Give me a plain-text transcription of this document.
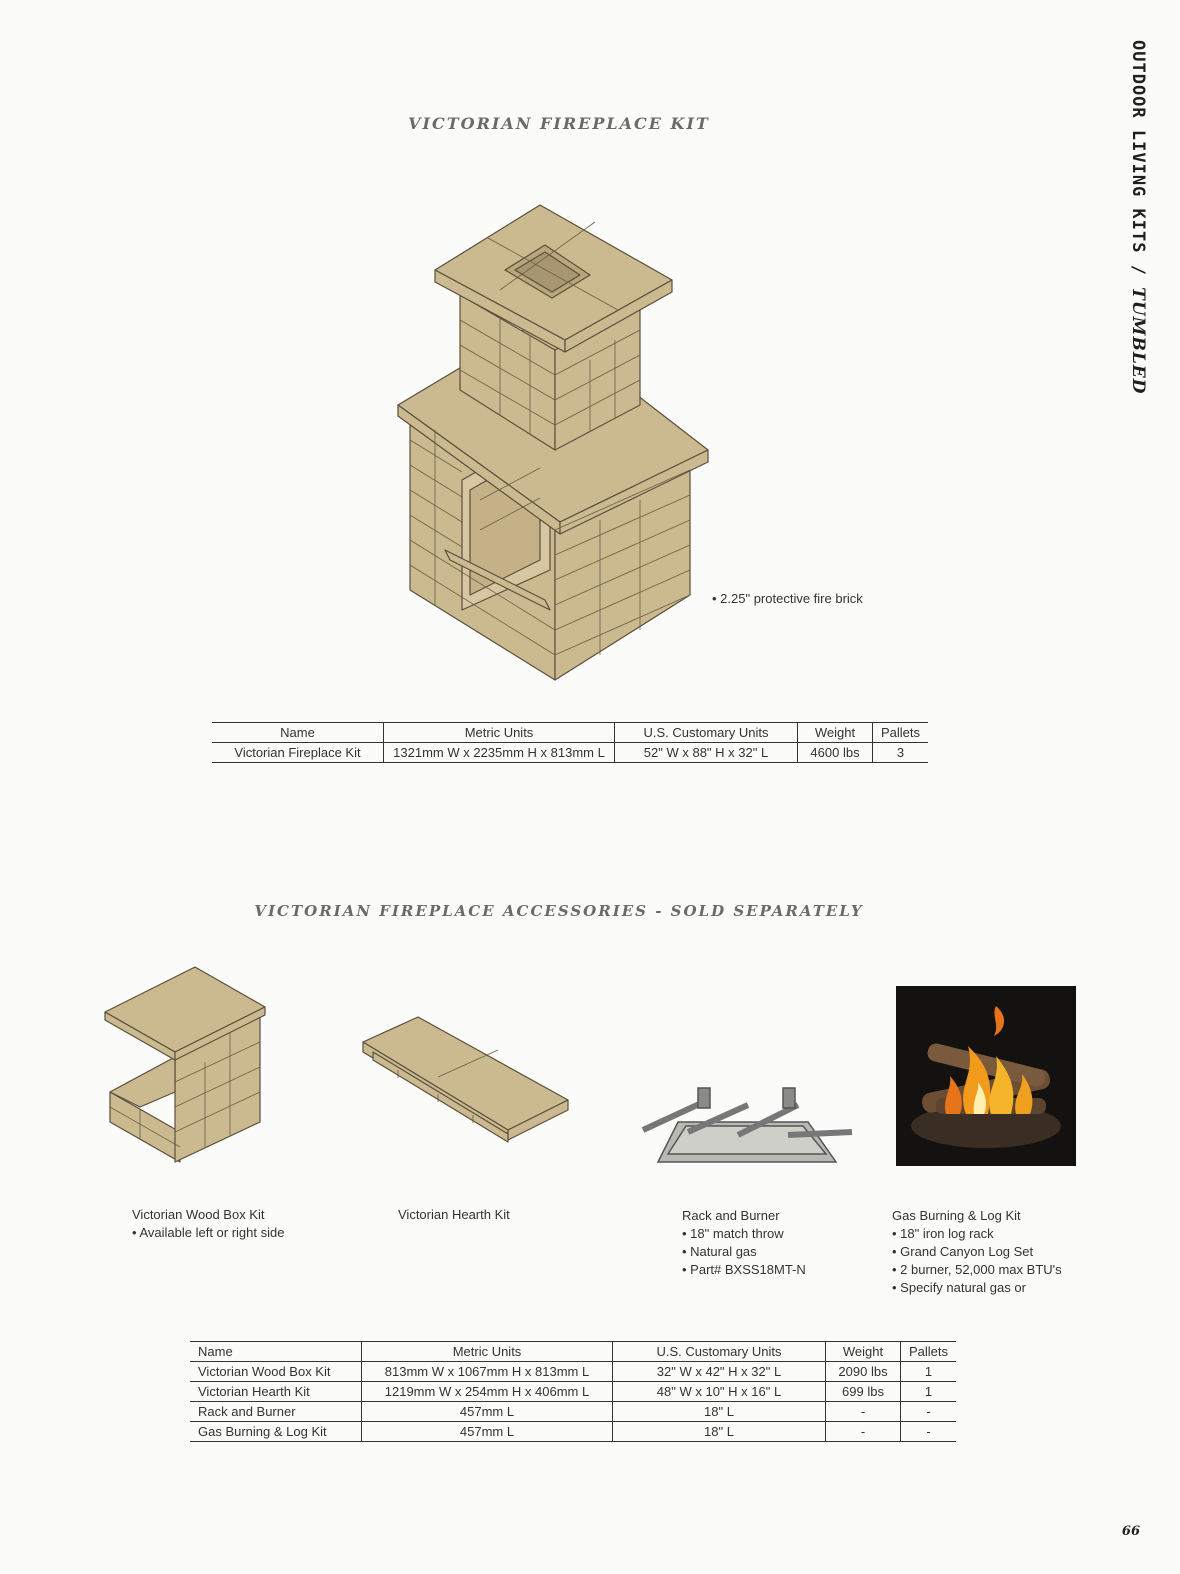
OUTDOOR LIVING KITS / TUMBLED
VICTORIAN FIREPLACE KIT
• 2.25" protective fire brick
Name	Metric Units	U.S. Customary Units	Weight	Pallets
Victorian Fireplace Kit	1321mm W x 2235mm H x 813mm L	52" W x 88" H x 32" L	4600 lbs	3
VICTORIAN FIREPLACE ACCESSORIES - SOLD SEPARATELY
Victorian Wood Box Kit
• Available left or right side
Victorian Hearth Kit	Rack and Burner
• 18" match throw
• Natural gas
• Part# BXSS18MT-N
Gas Burning & Log Kit
• 18" iron log rack
• Grand Canyon Log Set
• 2 burner, 52,000 max BTU's
• Specify natural gas or
Name	Metric Units	U.S. Customary Units	Weight	Pallets
Victorian Wood Box Kit	813mm W x 1067mm H x 813mm L	32" W x 42" H x 32" L	2090 lbs	1
Victorian Hearth Kit	1219mm W x 254mm H x 406mm L	48" W x 10" H x 16" L	699 lbs	1
Rack and Burner	457mm L	18" L	-	-
Gas Burning & Log Kit	457mm L	18" L	-	-
66
